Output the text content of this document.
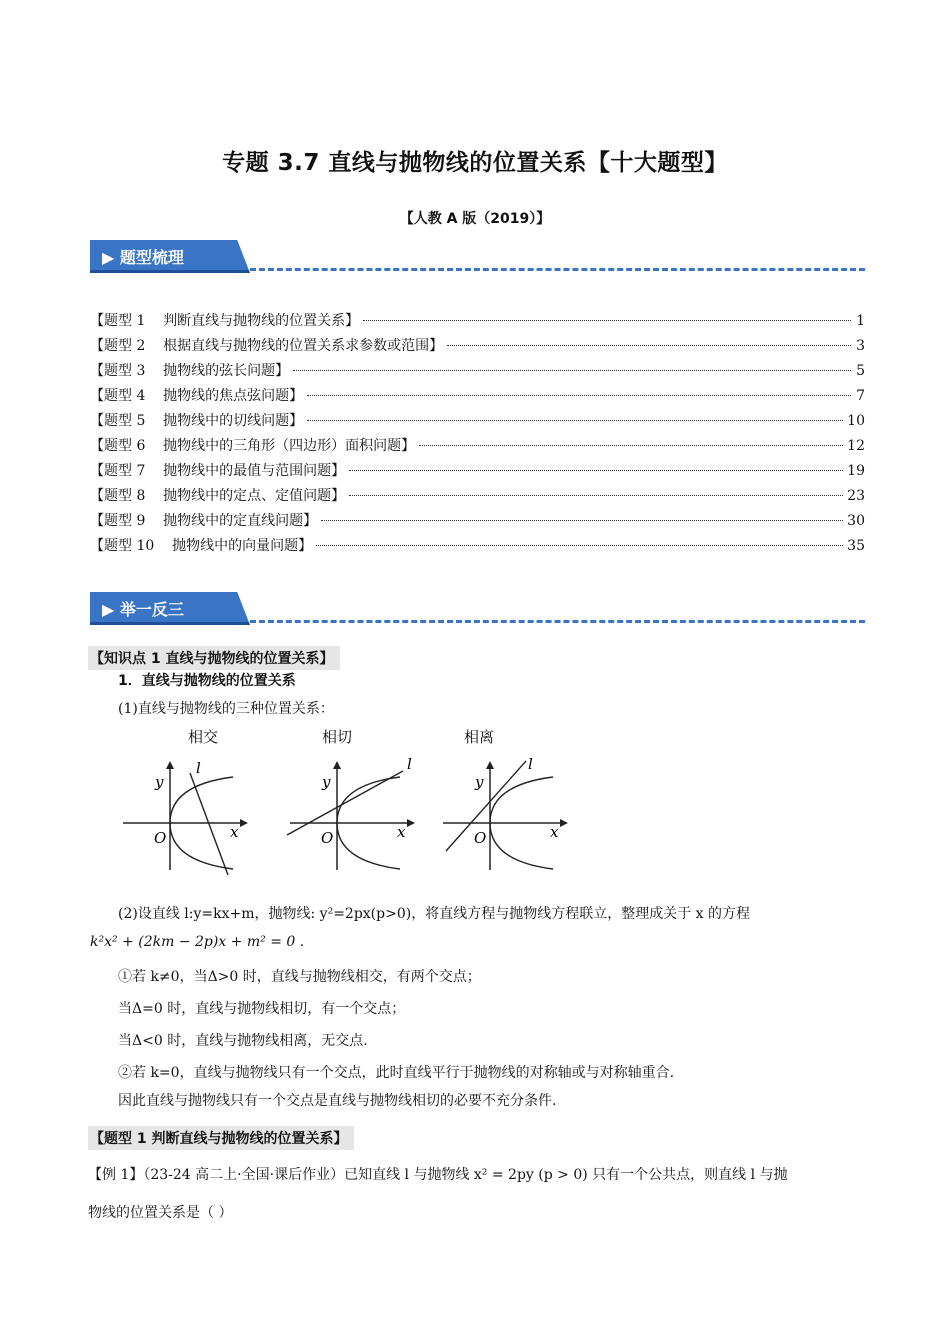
专题 3.7 直线与抛物线的位置关系【十大题型】
【人教 A 版（2019）】
▶ 题型梳理
【题型 1    判断直线与抛物线的位置关系】	1
【题型 2    根据直线与抛物线的位置关系求参数或范围】	3
【题型 3    抛物线的弦长问题】	5
【题型 4    抛物线的焦点弦问题】	7
【题型 5    抛物线中的切线问题】	10
【题型 6    抛物线中的三角形（四边形）面积问题】	12
【题型 7    抛物线中的最值与范围问题】	19
【题型 8    抛物线中的定点、定值问题】	23
【题型 9    抛物线中的定直线问题】	30
【题型 10    抛物线中的向量问题】	35
▶ 举一反三
【知识点 1 直线与抛物线的位置关系】
1．直线与抛物线的位置关系
(1)直线与抛物线的三种位置关系：
相交
y
l
O	x
相切
y
l
O	x
相离
y
l
O	x
(2)设直线 l:y=kx+m，抛物线: y²=2px(p>0)，将直线方程与抛物线方程联立，整理成关于 x 的方程
k²x² + (2km − 2p)x + m² = 0 .
①若 k≠0，当Δ>0 时，直线与抛物线相交，有两个交点；
当Δ=0 时，直线与抛物线相切，有一个交点；
当Δ<0 时，直线与抛物线相离，无交点.
②若 k=0，直线与抛物线只有一个交点，此时直线平行于抛物线的对称轴或与对称轴重合.
因此直线与抛物线只有一个交点是直线与抛物线相切的必要不充分条件.
【题型 1 判断直线与抛物线的位置关系】
【例 1】（23-24 高二上·全国·课后作业）已知直线 l 与抛物线 x² = 2py (p > 0) 只有一个公共点，则直线 l 与抛
物线的位置关系是（ ）
